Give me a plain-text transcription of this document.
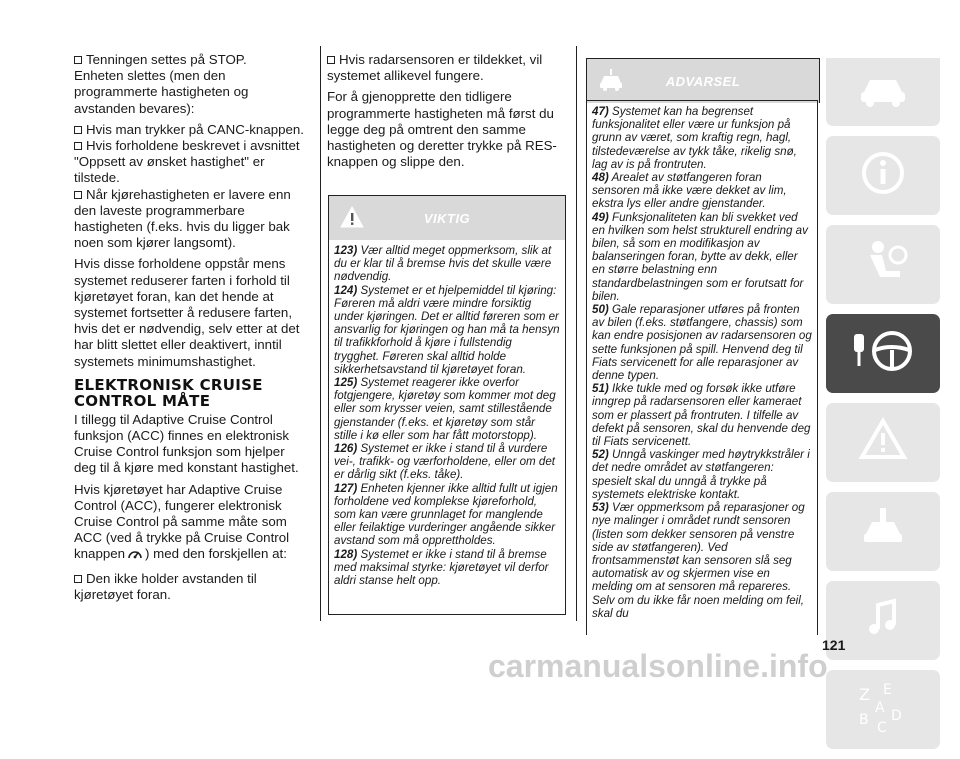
Tenningen settes på STOP.

Enheten slettes (men den programmerte hastigheten og avstanden bevares):

Hvis man trykker på CANC-knappen.

Hvis forholdene beskrevet i avsnittet "Oppsett av ønsket hastighet" er tilstede.

Når kjørehastigheten er lavere enn den laveste programmerbare hastigheten (f.eks. hvis du ligger bak noen som kjører langsomt).

Hvis disse forholdene oppstår mens systemet reduserer farten i forhold til kjøretøyet foran, kan det hende at systemet fortsetter å redusere farten, hvis det er nødvendig, selv etter at det har blitt slettet eller deaktivert, inntil systemets minimumshastighet.

ELEKTRONISK CRUISE CONTROL MÅTE

I tillegg til Adaptive Cruise Control funksjon (ACC) finnes en elektronisk Cruise Control funksjon som hjelper deg til å kjøre med konstant hastighet.

Hvis kjøretøyet har Adaptive Cruise Control (ACC), fungerer elektronisk Cruise Control på samme måte som ACC (ved å trykke på Cruise Control knappen ) med den forskjellen at:

Den ikke holder avstanden til kjøretøyet foran.

Hvis radarsensoren er tildekket, vil systemet allikevel fungere.

For å gjenopprette den tidligere programmerte hastigheten må først du legge deg på omtrent den samme hastigheten og deretter trykke på RES-knappen og slippe den.

VIKTIG

123) Vær alltid meget oppmerksom, slik at du er klar til å bremse hvis det skulle være nødvendig.

124) Systemet er et hjelpemiddel til kjøring: Føreren må aldri være mindre forsiktig under kjøringen. Det er alltid føreren som er ansvarlig for kjøringen og han må ta hensyn til trafikkforhold å kjøre i fullstendig trygghet. Føreren skal alltid holde sikkerhetsavstand til kjøretøyet foran.

125) Systemet reagerer ikke overfor fotgjengere, kjøretøy som kommer mot deg eller som krysser veien, samt stillestående gjenstander (f.eks. et kjøretøy som står stille i kø eller som har fått motorstopp).

126) Systemet er ikke i stand til å vurdere vei-, trafikk- og værforholdene, eller om det er dårlig sikt (f.eks. tåke).

127) Enheten kjenner ikke alltid fullt ut igjen forholdene ved komplekse kjøreforhold, som kan være grunnlaget for manglende eller feilaktige vurderinger angående sikker avstand som må opprettholdes.

128) Systemet er ikke i stand til å bremse med maksimal styrke: kjøretøyet vil derfor aldri stanse helt opp.

ADVARSEL

47) Systemet kan ha begrenset funksjonalitet eller være ur funksjon på grunn av været, som kraftig regn, hagl, tilstedeværelse av tykk tåke, rikelig snø, lag av is på frontruten.

48) Arealet av støtfangeren foran sensoren må ikke være dekket av lim, ekstra lys eller andre gjenstander.

49) Funksjonaliteten kan bli svekket ved en hvilken som helst strukturell endring av bilen, så som en modifikasjon av balanseringen foran, bytte av dekk, eller en større belastning enn standardbelastningen som er forutsatt for bilen.

50) Gale reparasjoner utføres på fronten av bilen (f.eks. støtfangere, chassis) som kan endre posisjonen av radarsensoren og sette funksjonen på spill. Henvend deg til Fiats servicenett for alle reparasjoner av denne typen.

51) Ikke tukle med og forsøk ikke utføre inngrep på radarsensoren eller kameraet som er plassert på frontruten. I tilfelle av defekt på sensoren, skal du henvende deg til Fiats servicenett.

52) Unngå vaskinger med høytrykkstråler i det nedre området av støtfangeren: spesielt skal du unngå å trykke på systemets elektriske kontakt.

53) Vær oppmerksom på reparasjoner og nye malinger i området rundt sensoren (listen som dekker sensoren på venstre side av støtfangeren). Ved frontsammenstøt kan sensoren slå seg automatisk av og skjermen vise en melding om at sensoren må repareres. Selv om du ikke får noen melding om feil, skal du

Z E
A
B D
C
121
carmanualsonline.info
